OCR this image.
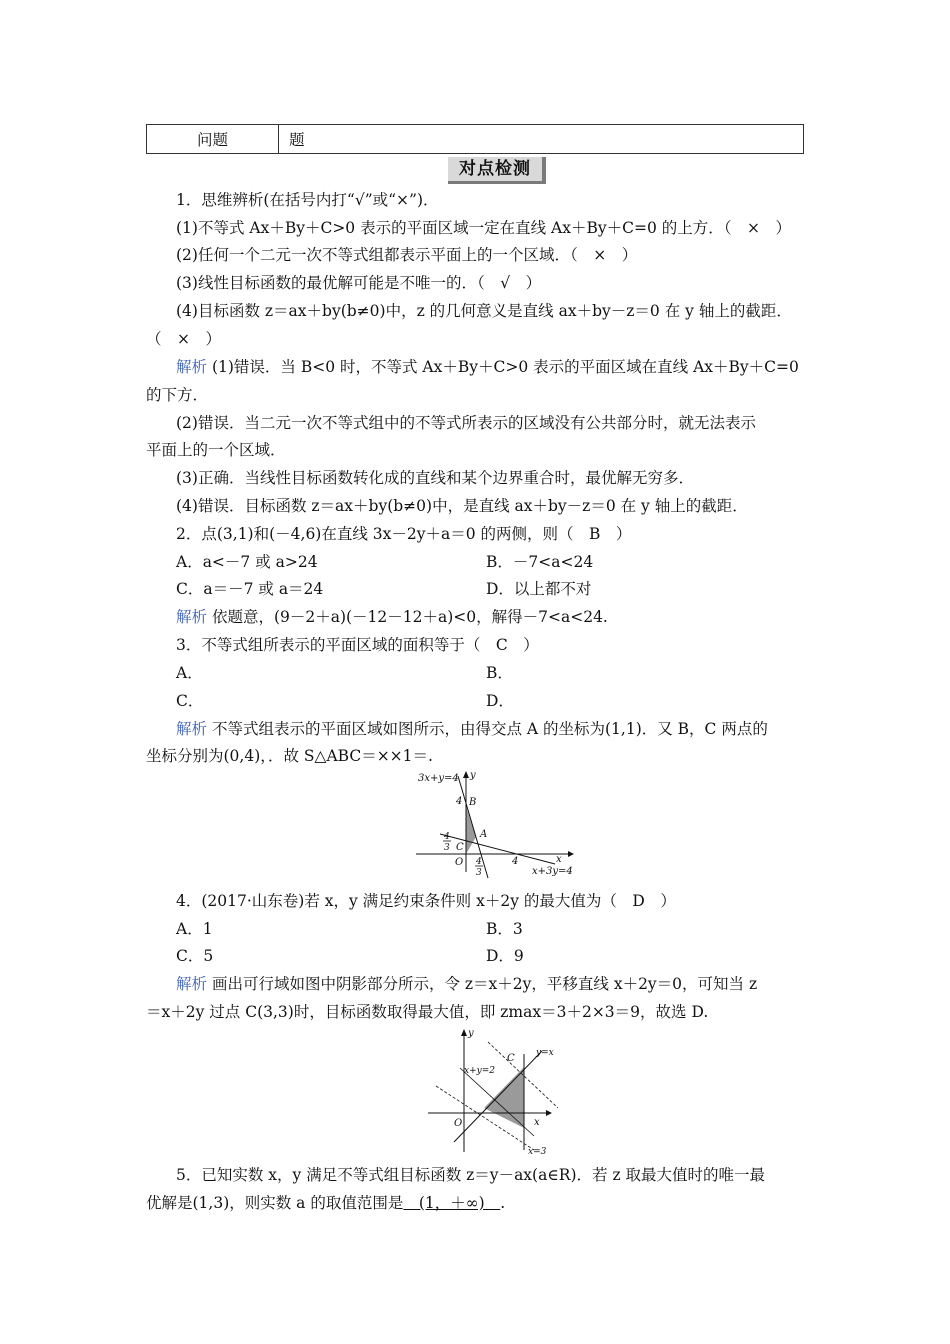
问题	题
对点检测
1．思维辨析(在括号内打“√”或“×”)．
(1)不等式 Ax＋By＋C>0 表示的平面区域一定在直线 Ax＋By＋C=0 的上方．（　×　）
(2)任何一个二元一次不等式组都表示平面上的一个区域．（　×　）
(3)线性目标函数的最优解可能是不唯一的．（　√　）
(4)目标函数 z＝ax＋by(b≠0)中，z 的几何意义是直线 ax＋by－z＝0 在 y 轴上的截距．
（　×　）
解析 (1)错误．当 B<0 时，不等式 Ax＋By＋C>0 表示的平面区域在直线 Ax＋By＋C=0
的下方．
(2)错误．当二元一次不等式组中的不等式所表示的区域没有公共部分时，就无法表示
平面上的一个区域．
(3)正确．当线性目标函数转化成的直线和某个边界重合时，最优解无穷多．
(4)错误．目标函数 z＝ax＋by(b≠0)中，是直线 ax＋by－z＝0 在 y 轴上的截距．
2．点(3,1)和(－4,6)在直线 3x－2y＋a＝0 的两侧，则（　B　）
A．a<－7 或 a>24	B．－7<a<24
C．a＝－7 或 a＝24	D．以上都不对
解析 依题意，(9－2＋a)(－12－12＋a)<0，解得－7<a<24.
3．不等式组所表示的平面区域的面积等于（　C　）
A．	B．
C．	D．
解析 不等式组表示的平面区域如图所示，由得交点 A 的坐标为(1,1)．又 B，C 两点的
坐标分别为(0,4)，．故 S△ABC＝××1＝.
3x+y=4 y
4 B
A
4
3 C
O 4
3
4	x
x+3y=4
4．(2017·山东卷)若 x，y 满足约束条件则 x＋2y 的最大值为（　D　）
A．1	B．3
C．5	D．9
解析 画出可行域如图中阴影部分所示，令 z＝x＋2y，平移直线 x＋2y＝0，可知当 z
＝x＋2y 过点 C(3,3)时，目标函数取得最大值，即 zmax＝3＋2×3＝9，故选 D.
y
C y=x
x+y=2
O	x
x=3
5．已知实数 x，y 满足不等式组目标函数 z＝y－ax(a∈R)．若 z 取最大值时的唯一最
优解是(1,3)，则实数 a 的取值范围是　(1，＋∞)　.
